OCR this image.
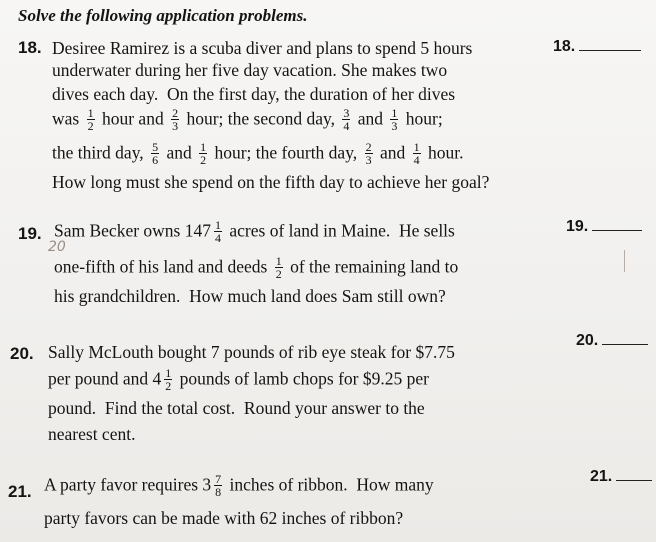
Solve the following application problems.
18.	18.
Desiree Ramirez is a scuba diver and plans to spend 5 hours
underwater during her five day vacation. She makes two
dives each day.  On the first day, the duration of her dives
was $\frac{1}{2}$ hour and $\frac{2}{3}$ hour; the second day, $\frac{3}{4}$ and $\frac{1}{3}$ hour;
the third day, $\frac{5}{6}$ and $\frac{1}{2}$ hour; the fourth day, $\frac{2}{3}$ and $\frac{1}{4}$ hour.
How long must she spend on the fifth day to achieve her goal?
19.	19.
20
Sam Becker owns $147 \frac{1}{4}$ acres of land in Maine.  He sells
one-fifth of his land and deeds $\frac{1}{2}$ of the remaining land to
his grandchildren.  How much land does Sam still own?
20.
20.
Sally McLouth bought 7 pounds of rib eye steak for $7.75
per pound and $4 \frac{1}{2}$ pounds of lamb chops for $9.25 per
pound.  Find the total cost.  Round your answer to the
nearest cent.
21.
21.
A party favor requires $3 \frac{7}{8}$ inches of ribbon.  How many
party favors can be made with 62 inches of ribbon?
